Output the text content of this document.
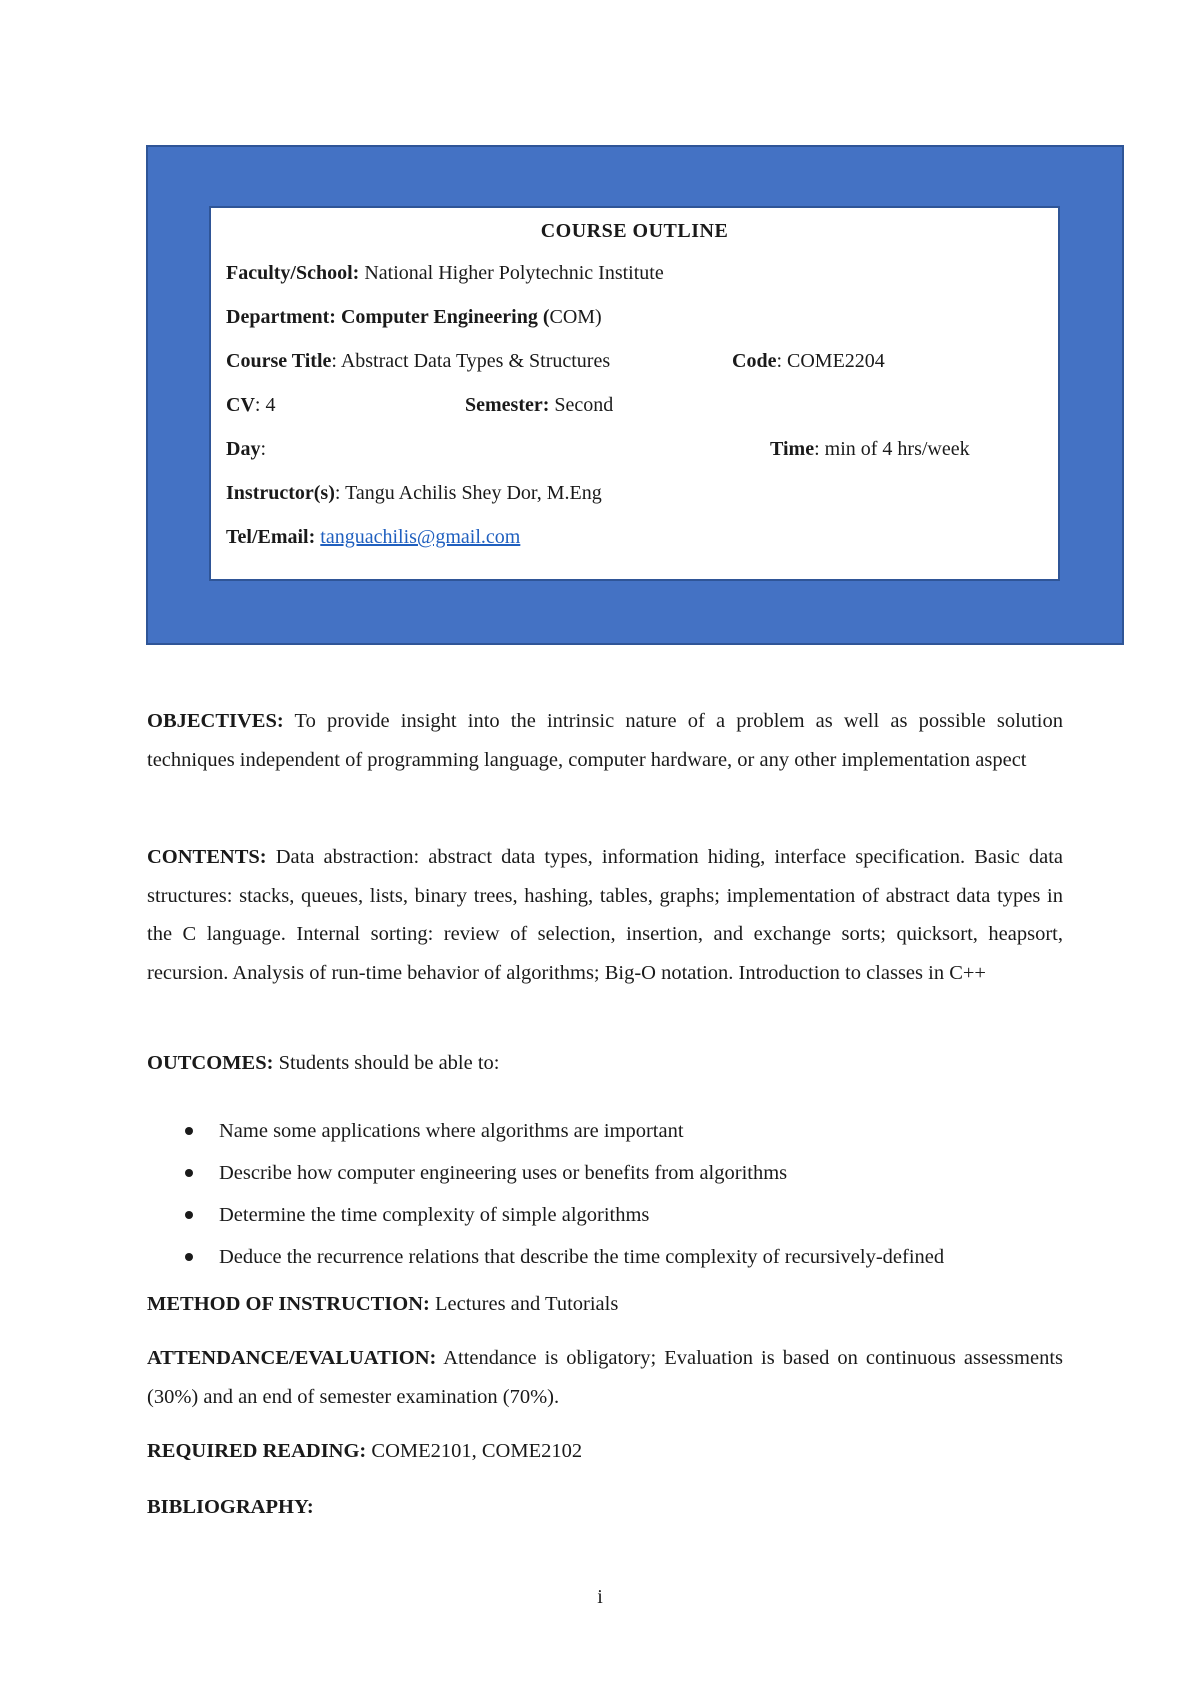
COURSE OUTLINE
Faculty/School: National Higher Polytechnic Institute
Department: Computer Engineering (COM)
Course Title: Abstract Data Types & Structures	Code: COME2204
CV: 4	Semester: Second
Day:	Time: min of 4 hrs/week
Instructor(s): Tangu Achilis Shey Dor, M.Eng
Tel/Email: tanguachilis@gmail.com

OBJECTIVES: To provide insight into the intrinsic nature of a problem as well as possible solution techniques independent of programming language, computer hardware, or any other implementation aspect

CONTENTS: Data abstraction: abstract data types, information hiding, interface specification. Basic data structures: stacks, queues, lists, binary trees, hashing, tables, graphs; implementation of abstract data types in the C language. Internal sorting: review of selection, insertion, and exchange sorts; quicksort, heapsort, recursion. Analysis of run-time behavior of algorithms; Big-O notation. Introduction to classes in C++

OUTCOMES: Students should be able to:
Name some applications where algorithms are important
Describe how computer engineering uses or benefits from algorithms
Determine the time complexity of simple algorithms
Deduce the recurrence relations that describe the time complexity of recursively-defined
METHOD OF INSTRUCTION: Lectures and Tutorials

ATTENDANCE/EVALUATION: Attendance is obligatory; Evaluation is based on continuous assessments (30%) and an end of semester examination (70%).

REQUIRED READING: COME2101, COME2102
BIBLIOGRAPHY:
i
